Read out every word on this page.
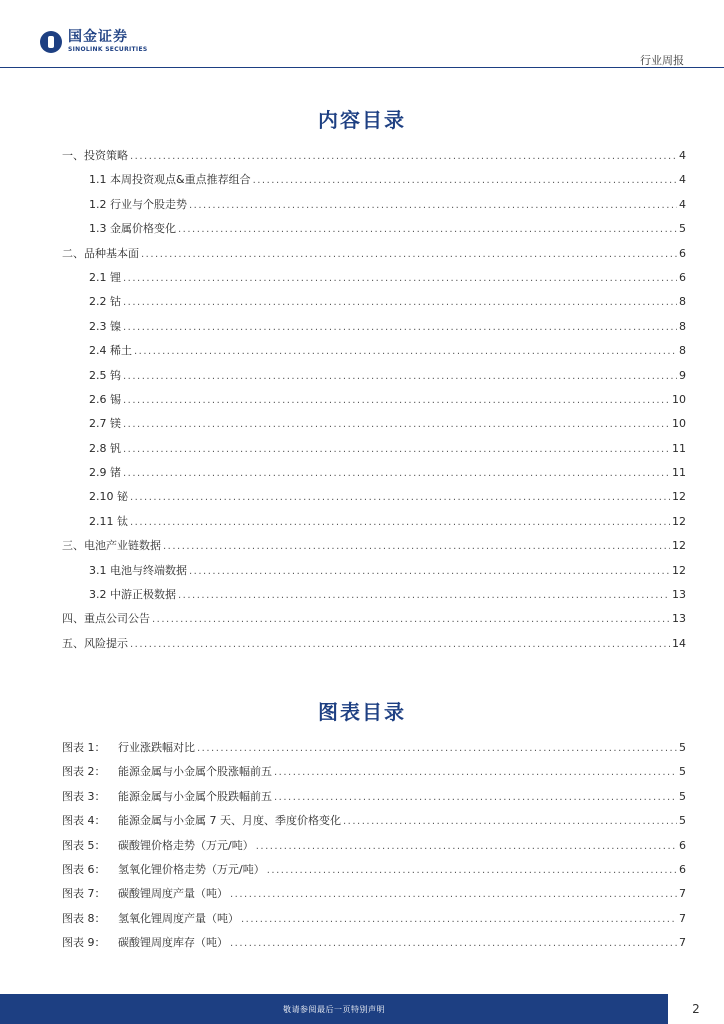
国金证券
SINOLINK SECURITIES
行业周报
内容目录
一、投资策略 .....	4
1.1 本周投资观点&重点推荐组合 .....	4
1.2 行业与个股走势 .....	4
1.3 金属价格变化 .....	5
二、品种基本面 .....	6
2.1 锂 .....	6
2.2 钴 .....	8
2.3 镍 .....	8
2.4 稀土 .....	8
2.5 钨 .....	9
2.6 锡 .....	10
2.7 镁 .....	10
2.8 钒 .....	11
2.9 锗 .....	11
2.10 铋 .....	12
2.11 钛 .....	12
三、电池产业链数据 .....	12
3.1 电池与终端数据 .....	12
3.2 中游正极数据 .....	13
四、重点公司公告 .....	13
五、风险提示 .....	14
图表目录
图表 1： 行业涨跌幅对比 .....	5
图表 2： 能源金属与小金属个股涨幅前五 .....	5
图表 3： 能源金属与小金属个股跌幅前五 .....	5
图表 4： 能源金属与小金属 7 天、月度、季度价格变化 .....	5
图表 5： 碳酸锂价格走势（万元/吨） .....	6
图表 6： 氢氧化锂价格走势（万元/吨） .....	6
图表 7： 碳酸锂周度产量（吨） .....	7
图表 8： 氢氧化锂周度产量（吨） .....	7
图表 9： 碳酸锂周度库存（吨） .....	7
敬请参阅最后一页特别声明	2
